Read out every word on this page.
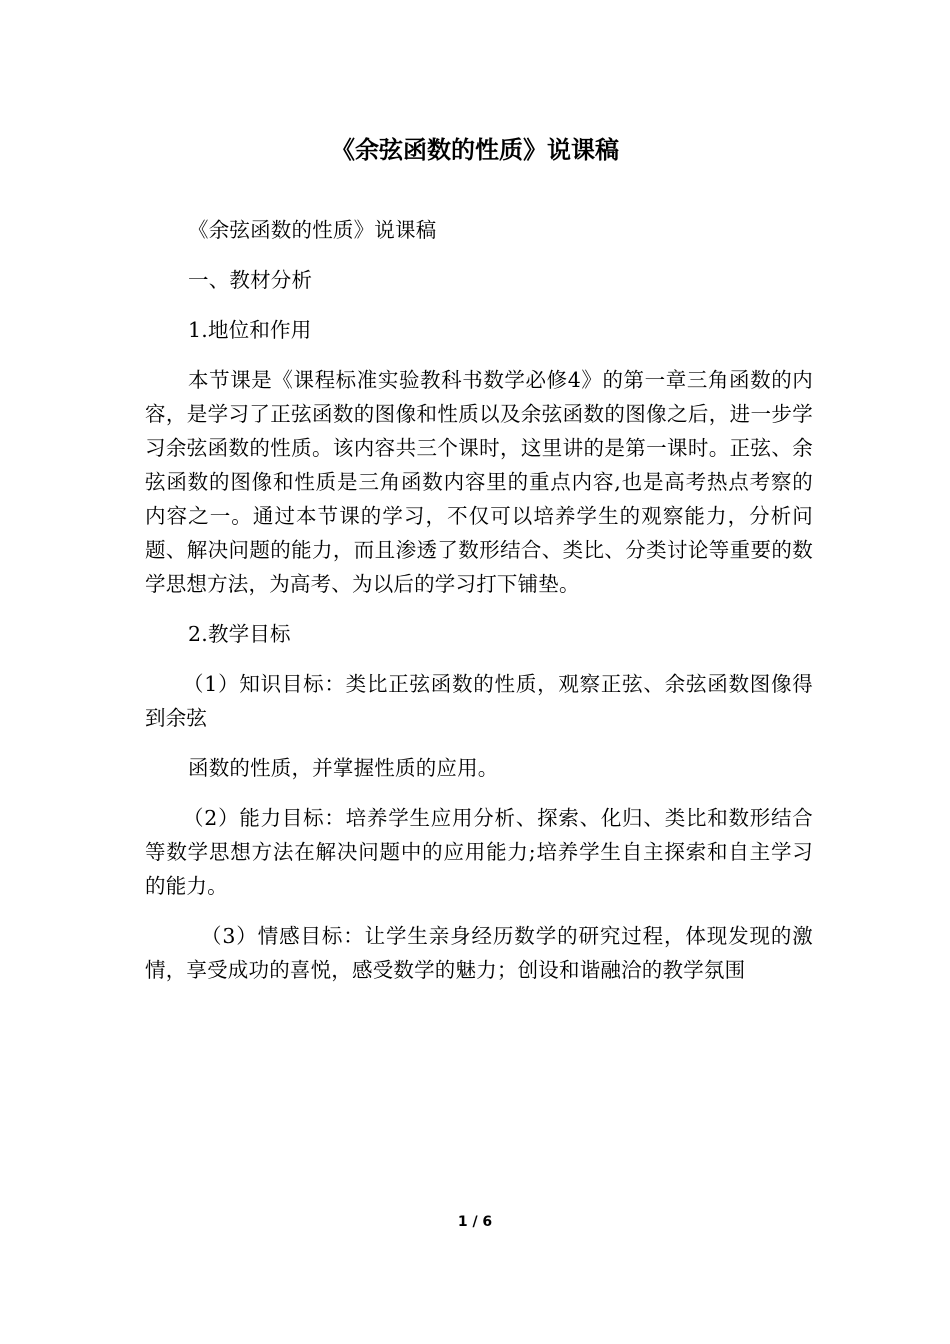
《余弦函数的性质》说课稿

《余弦函数的性质》说课稿

一、教材分析

1.地位和作用

本节课是《课程标准实验教科书数学必修4》的第一章三角函数的内容，是学习了正弦函数的图像和性质以及余弦函数的图像之后，进一步学习余弦函数的性质。该内容共三个课时，这里讲的是第一课时。正弦、余弦函数的图像和性质是三角函数内容里的重点内容,也是高考热点考察的内容之一。通过本节课的学习，不仅可以培养学生的观察能力，分析问题、解决问题的能力，而且渗透了数形结合、类比、分类讨论等重要的数学思想方法，为高考、为以后的学习打下铺垫。

2.教学目标

（1）知识目标：类比正弦函数的性质，观察正弦、余弦函数图像得到余弦

函数的性质，并掌握性质的应用。

（2）能力目标：培养学生应用分析、探索、化归、类比和数形结合等数学思想方法在解决问题中的应用能力;培养学生自主探索和自主学习的能力。

（3）情感目标：让学生亲身经历数学的研究过程，体现发现的激情，享受成功的喜悦，感受数学的魅力；创设和谐融洽的教学氛围

1 / 6
